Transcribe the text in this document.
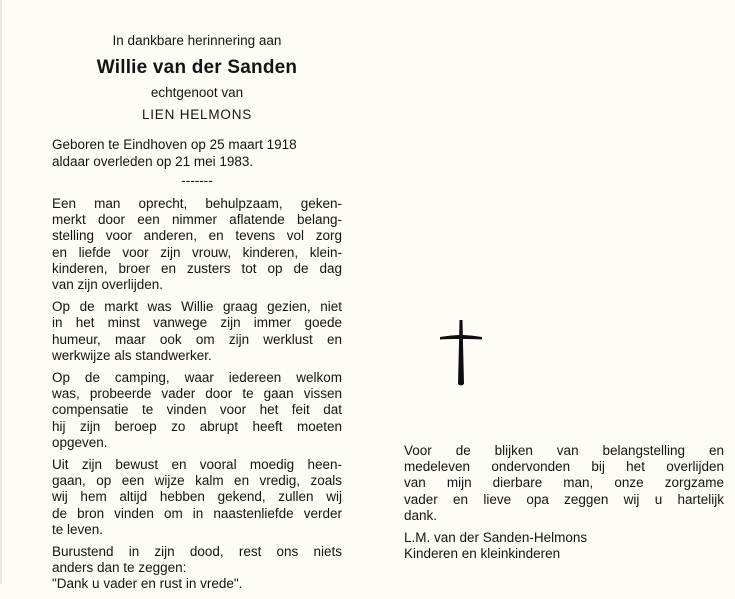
In dankbare herinnering aan

Willie van der Sanden

echtgenoot van

LIEN HELMONS

Geboren te Eindhoven op 25 maart 1918

aldaar overleden op 21 mei 1983.

-------
Een man oprecht, behulpzaam, geken-
merkt door een nimmer aflatende belang-
stelling voor anderen, en tevens vol zorg
en liefde voor zijn vrouw, kinderen, klein-
kinderen, broer en zusters tot op de dag
van zijn overlijden.
Op de markt was Willie graag gezien, niet
in het minst vanwege zijn immer goede
humeur, maar ook om zijn werklust en
werkwijze als standwerker.
Op de camping, waar iedereen welkom
was, probeerde vader door te gaan vissen
compensatie te vinden voor het feit dat
hij zijn beroep zo abrupt heeft moeten
opgeven.
Uit zijn bewust en vooral moedig heen-
gaan, op een wijze kalm en vredig, zoals
wij hem altijd hebben gekend, zullen wij
de bron vinden om in naastenliefde verder
te leven.
Burustend in zijn dood, rest ons niets
anders dan te zeggen:
"Dank u vader en rust in vrede".
Voor de blijken van belangstelling en
medeleven ondervonden bij het overlijden
van mijn dierbare man, onze zorgzame
vader en lieve opa zeggen wij u hartelijk
dank.
L.M. van der Sanden-Helmons
Kinderen en kleinkinderen
